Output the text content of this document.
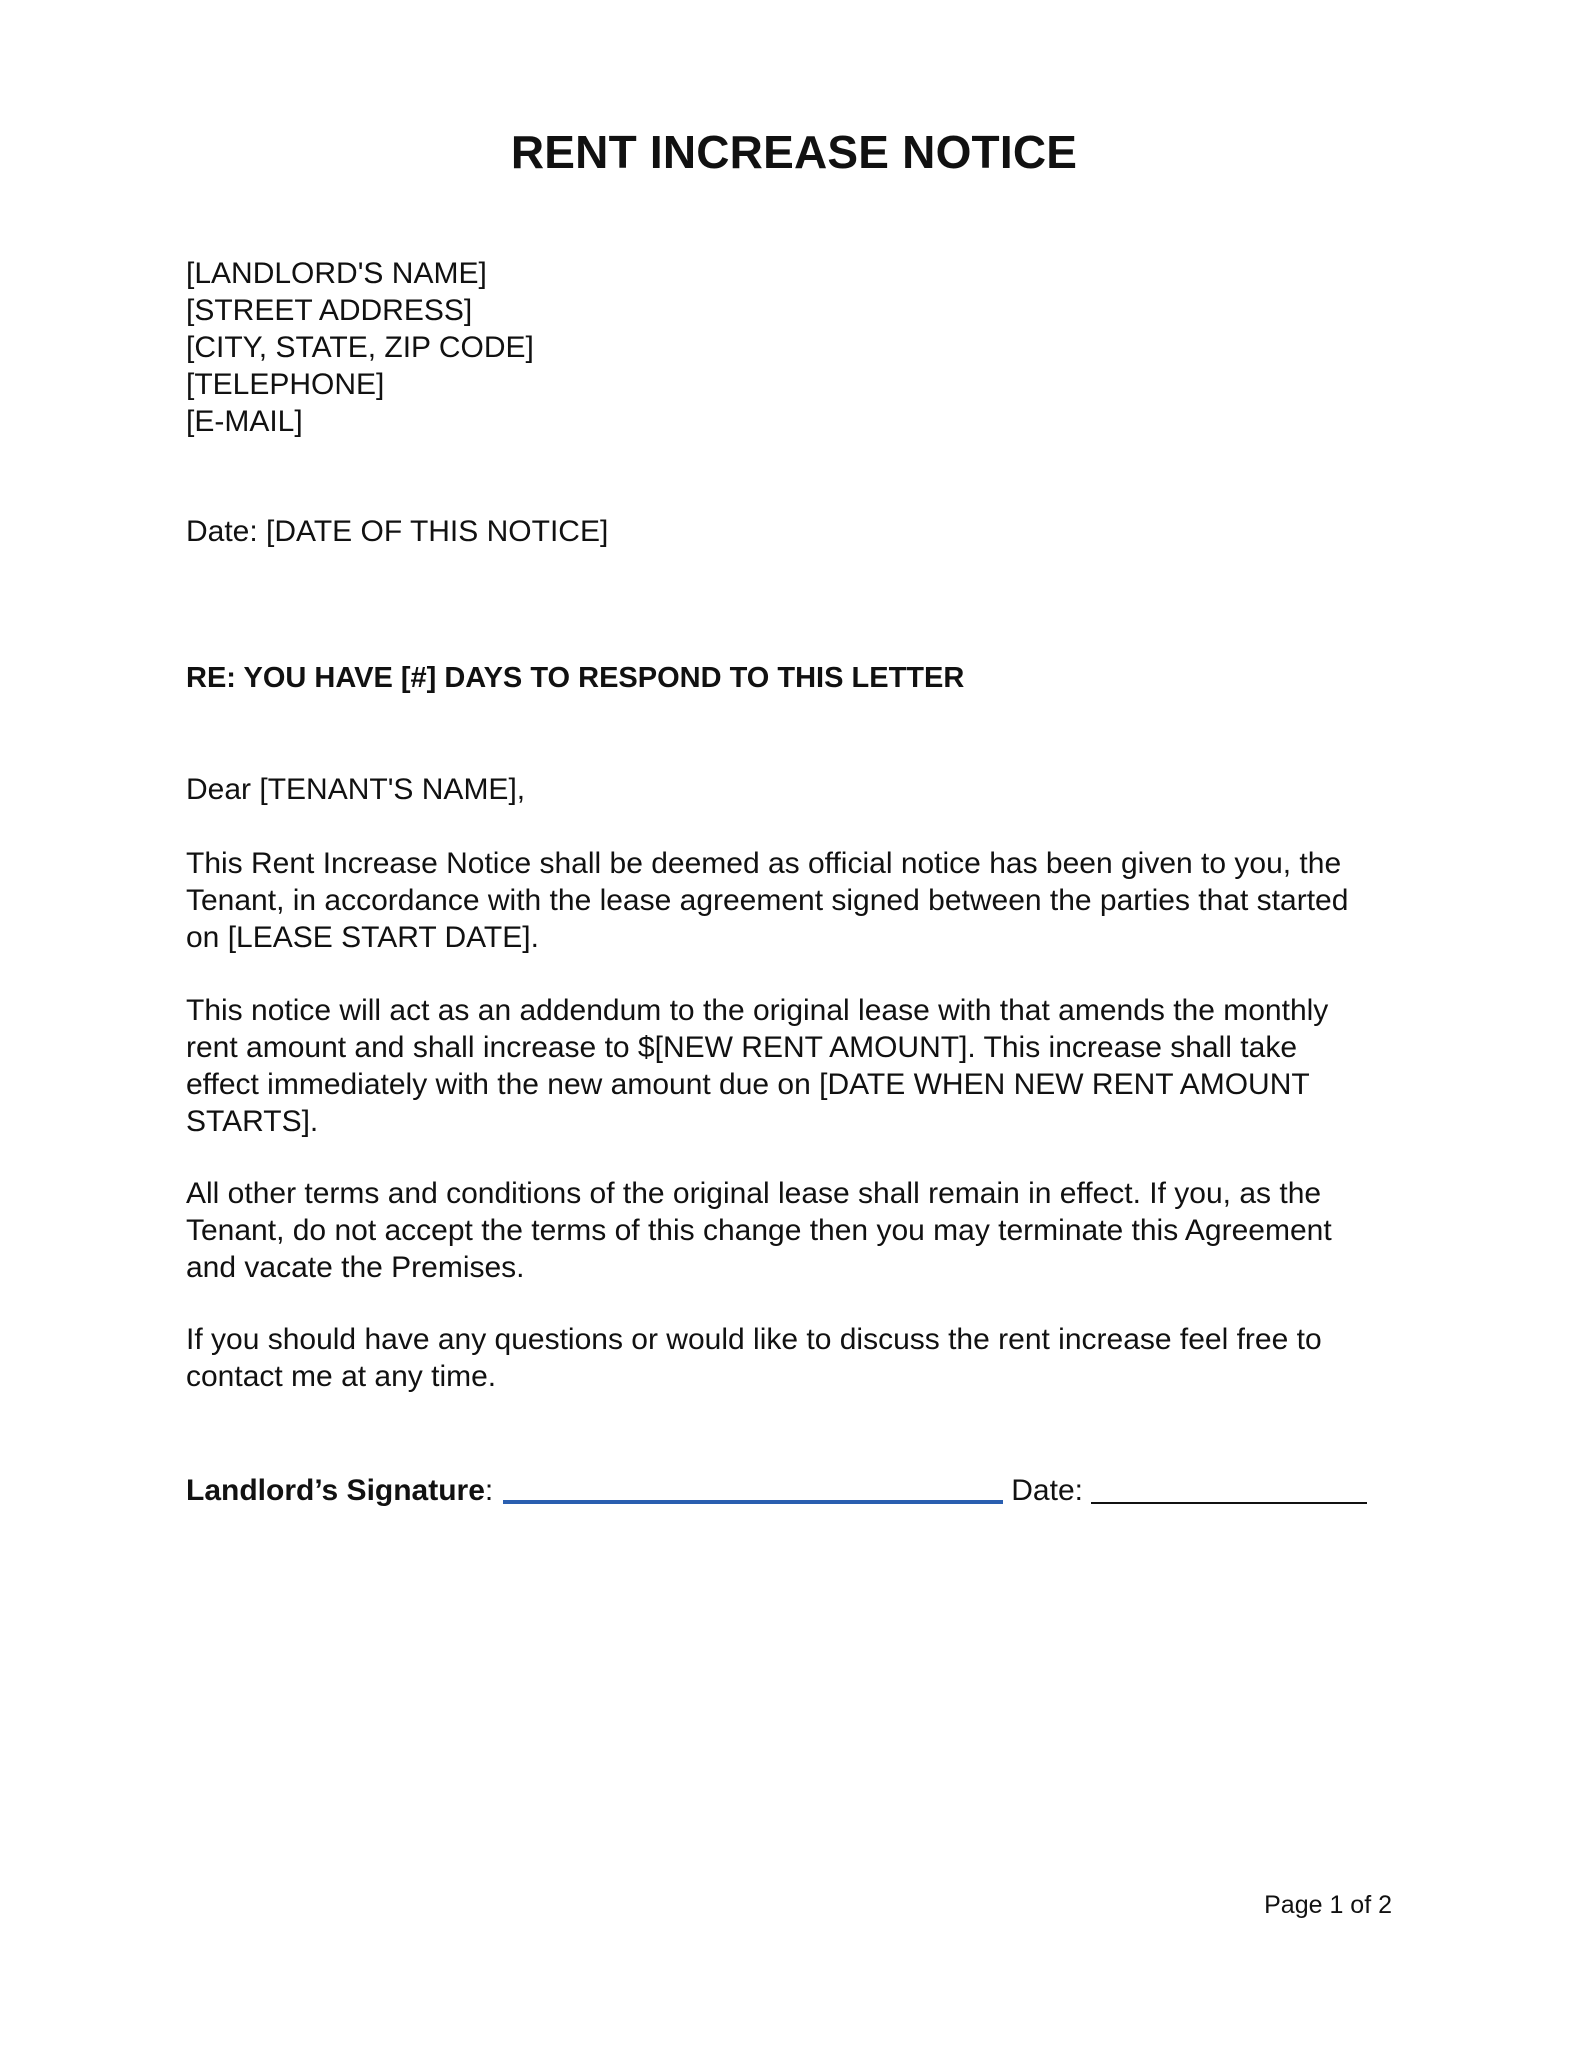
RENT INCREASE NOTICE
[LANDLORD'S NAME]
[STREET ADDRESS]
[CITY, STATE, ZIP CODE]
[TELEPHONE]
[E-MAIL]
Date: [DATE OF THIS NOTICE]
RE: YOU HAVE [#] DAYS TO RESPOND TO THIS LETTER
Dear [TENANT'S NAME],
This Rent Increase Notice shall be deemed as official notice has been given to you, the
Tenant, in accordance with the lease agreement signed between the parties that started
on [LEASE START DATE].
This notice will act as an addendum to the original lease with that amends the monthly
rent amount and shall increase to $[NEW RENT AMOUNT]. This increase shall take
effect immediately with the new amount due on [DATE WHEN NEW RENT AMOUNT
STARTS].
All other terms and conditions of the original lease shall remain in effect. If you, as the
Tenant, do not accept the terms of this change then you may terminate this Agreement
and vacate the Premises.
If you should have any questions or would like to discuss the rent increase feel free to
contact me at any time.
Landlord’s Signature :	Date:
Page 1 of 2
